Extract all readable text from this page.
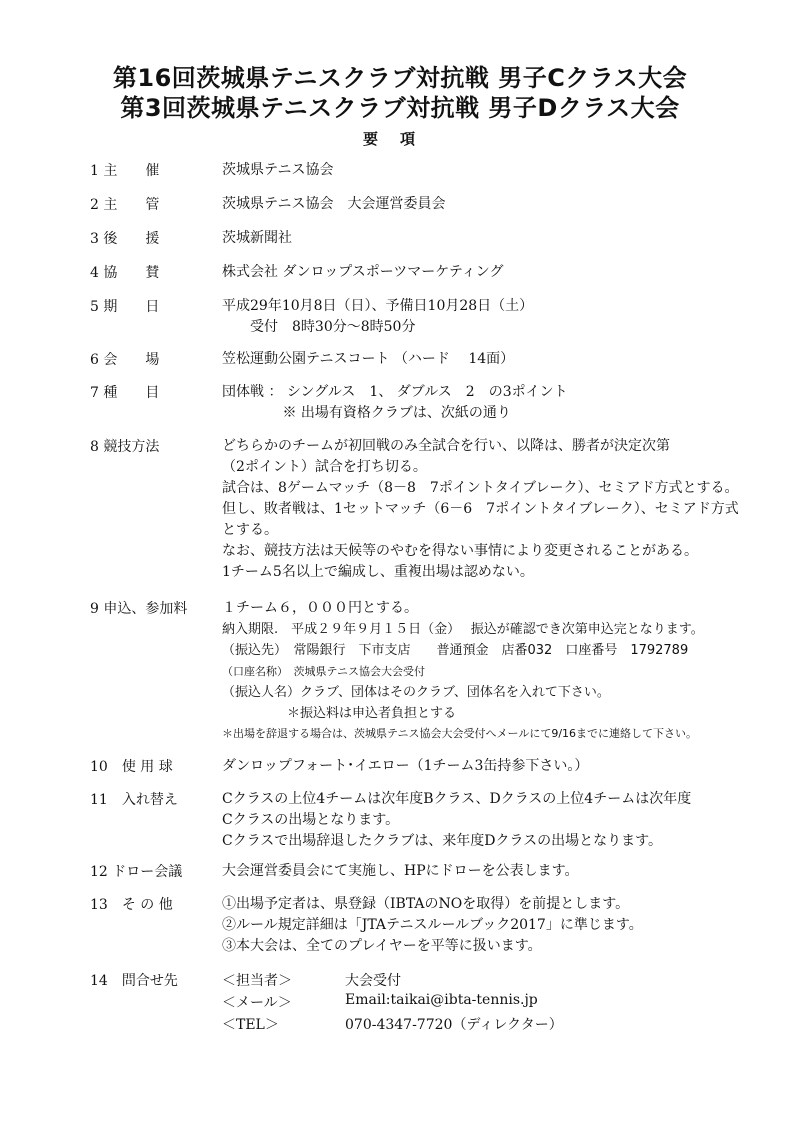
第16回茨城県テニスクラブ対抗戦 男子Cクラス大会
第3回茨城県テニスクラブ対抗戦 男子Dクラス大会
要項
1 主　　催	茨城県テニス協会
2 主　　管	茨城県テニス協会　大会運営委員会
3 後　　援	茨城新聞社
4 協　　賛	株式会社 ダンロップスポーツマーケティング
5 期　　日	平成29年10月8日（日）、予備日10月28日（土）
　　受付　8時30分～8時50分
6 会　　場	笠松運動公園テニスコート （ハード　 14面）
7 種　　目	団体戦 ： シングルス　1、 ダブルス　2　の3ポイント
　　　　 ※ 出場有資格クラブは、次紙の通り
8 競技方法	どちらかのチームが初回戦のみ全試合を行い、以降は、勝者が決定次第
（2ポイント）試合を打ち切る。
試合は、8ゲームマッチ（8－8　7ポイントタイブレーク）、セミアド方式とする。
但し、敗者戦は、1セットマッチ（6－6　7ポイントタイブレーク）、セミアド方式
とする。
なお、競技方法は天候等のやむを得ない事情により変更されることがある。
1チーム5名以上で編成し、重複出場は認めない。
9 申込、参加料 １チーム６，０００円とする。
納入期限.　平成２９年９月１５日（金）　 振込が確認でき次第申込完となります。
（振込先）　常陽銀行　下市支店　　普通預金　店番032　口座番号　1792789
（口座名称）　茨城県テニス協会大会受付
（振込人名）クラブ、団体はそのクラブ、団体名を入れて下さい。
　　　　　＊振込料は申込者負担とする
＊出場を辞退する場合は、茨城県テニス協会大会受付へメールにて9/16までに連絡して下さい。
10　使 用 球	ダンロップフォート･イエロー（1チーム3缶持参下さい。）
11　入れ替え	Cクラスの上位4チームは次年度Bクラス、Dクラスの上位4チームは次年度
Cクラスの出場となります。
Cクラスで出場辞退したクラブは、来年度Dクラスの出場となります。
12 ドロー会議	大会運営委員会にて実施し、HPにドローを公表します。
13　そ の 他	①出場予定者は、県登録（IBTAのNOを取得）を前提とします。
②ルール規定詳細は「JTAテニスルールブック2017」に準じます。
③本大会は、全てのプレイヤーを平等に扱います。
14　問合せ先	＜担当者＞	大会受付
＜メール＞	Email:taikai@ibta-tennis.jp
＜TEL＞	070-4347-7720（ディレクター）
